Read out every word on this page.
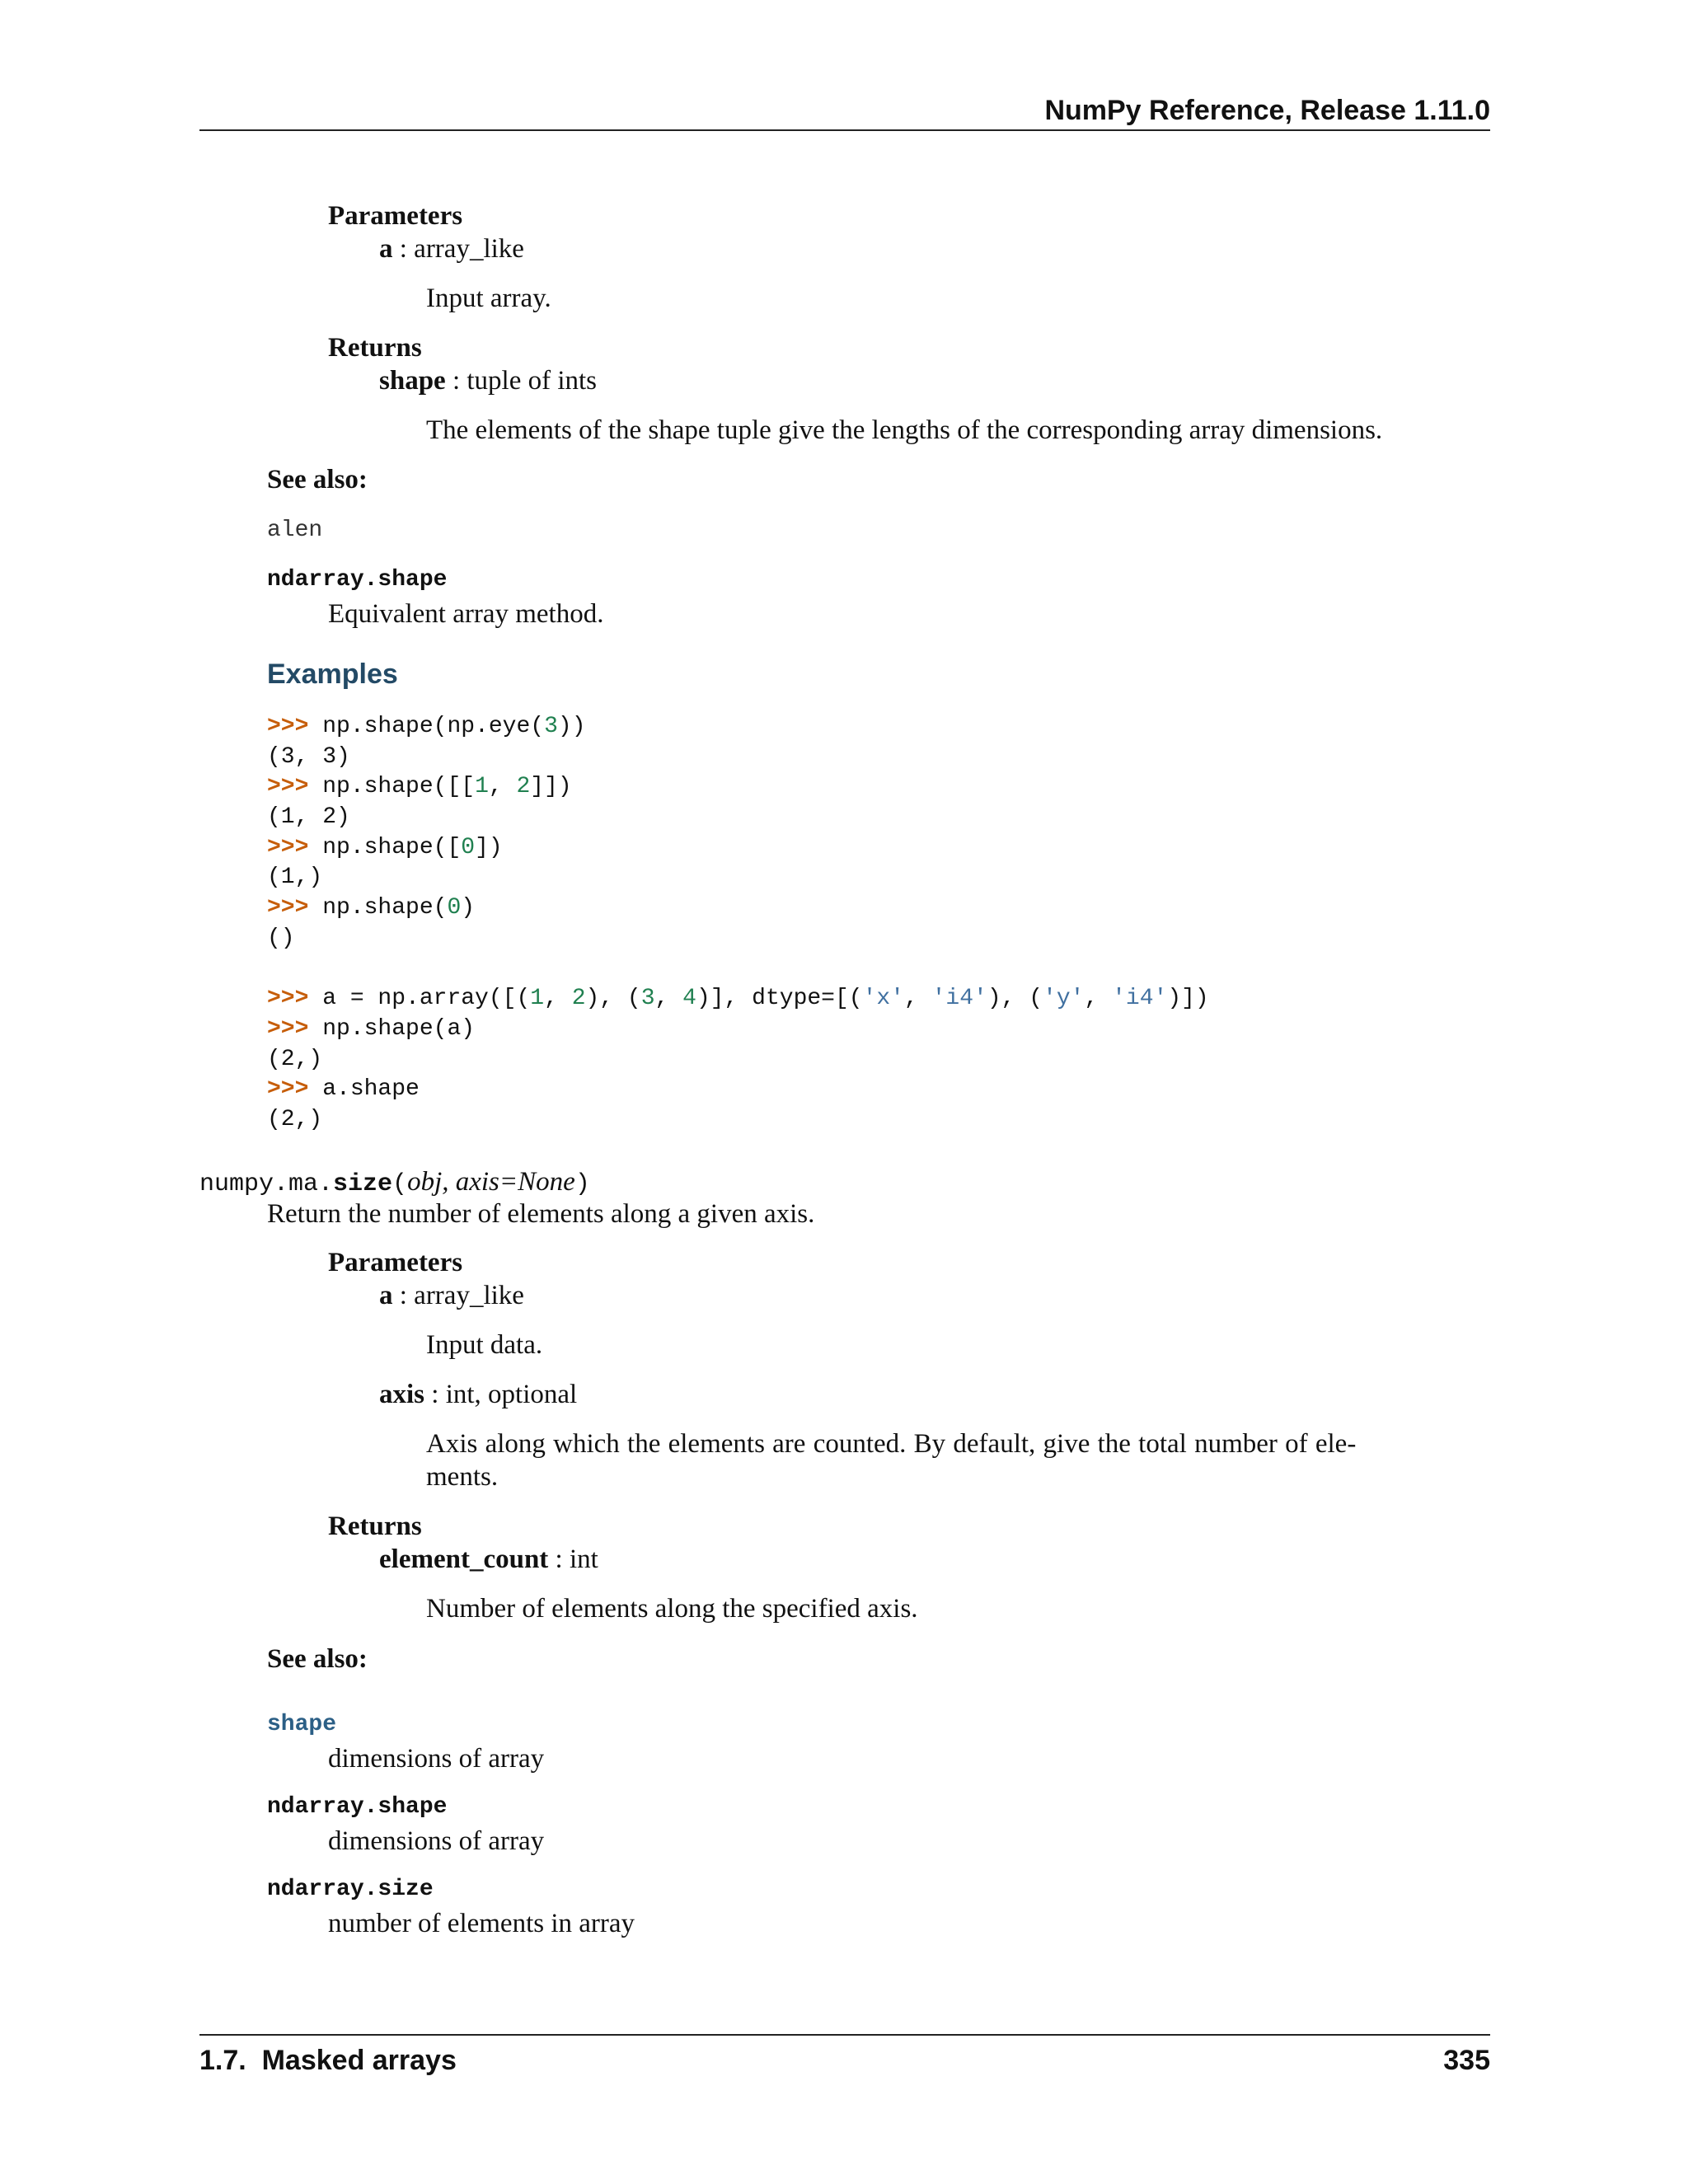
NumPy Reference, Release 1.11.0
Parameters
a : array_like
Input array.
Returns
shape : tuple of ints
The elements of the shape tuple give the lengths of the corresponding array dimensions.
See also:
alen
ndarray.shape
Equivalent array method.
Examples
>>> np.shape(np.eye(3))
(3, 3)
>>> np.shape([[1, 2]])
(1, 2)
>>> np.shape([0])
(1,)
>>> np.shape(0)
()
>>> a = np.array([(1, 2), (3, 4)], dtype=[('x', 'i4'), ('y', 'i4')])
>>> np.shape(a)
(2,)
>>> a.shape
(2,)
numpy.ma.size(obj, axis=None)
Return the number of elements along a given axis.
Parameters
a : array_like
Input data.
axis : int, optional
Axis along which the elements are counted. By default, give the total number of ele-
ments.
Returns
element_count : int
Number of elements along the specified axis.
See also:
shape
dimensions of array
ndarray.shape
dimensions of array
ndarray.size
number of elements in array
1.7.  Masked arrays	335
